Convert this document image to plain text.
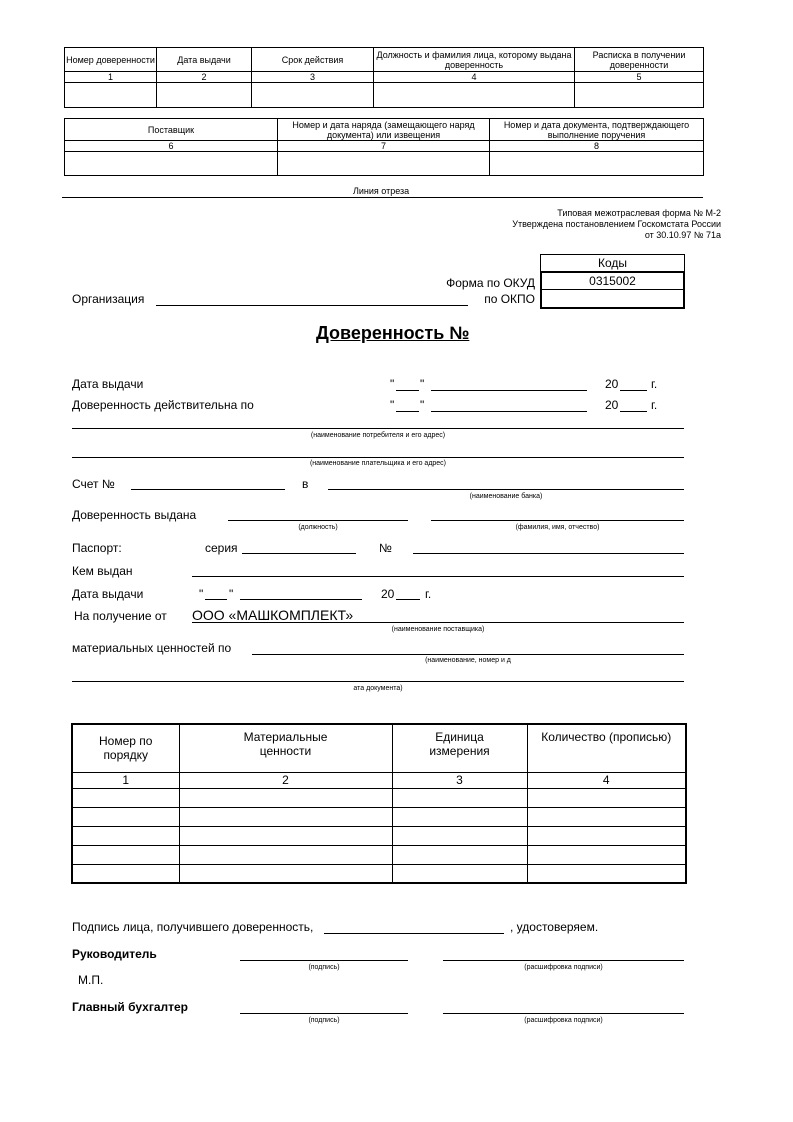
Номер доверенности	Дата выдачи	Срок действия	Должность и фамилия лица, которому выдана доверенность	Расписка в получении доверенности
1	2	3	4	5

Поставщик	Номер и дата наряда (замещающего наряд документа) или извещения	Номер и дата документа, подтверждающего выполнение поручения
6	7	8

Линия отреза
Типовая межотраслевая форма № М-2
Утверждена постановлением Госкомстата России
от 30.10.97 № 71а
Коды
0315002
Форма по ОКУД
по ОКПО
Организация
Доверенность №
Дата выдачи	" "	20	г.
Доверенность действительна по	" "	20	г.
(наименование потребителя и его адрес)
(наименование плательщика и его адрес)
Счет №	в
(наименование банка)
Доверенность выдана
(должность)	(фамилия, имя, отчество)
Паспорт:	серия	№
Кем выдан
Дата выдачи	" "	20	г.
На получение от ООО «МАШКОМПЛЕКТ»
(наименование поставщика)
материальных ценностей по
(наименование, номер и д
ата документа)
Номер по порядку	Материальные ценности	Единица измерения	Количество (прописью)
1	2	3	4

Подпись лица, получившего доверенность,	, удостоверяем.
Руководитель
(подпись)	(расшифровка подписи)
М.П.
Главный бухгалтер
(подпись)	(расшифровка подписи)
